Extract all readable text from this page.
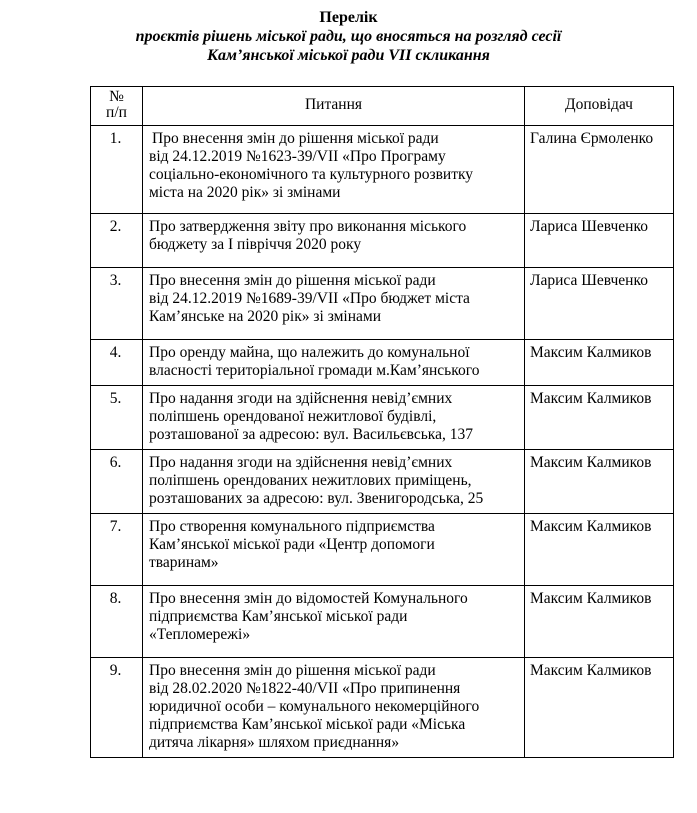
Перелік
проєктів рішень міської ради, що вносяться на розгляд сесії
Кам’янської міської ради VII скликання
№
п/п	Питання	Доповідач
1.	Про внесення змін до рішення міської ради
від 24.12.2019 №1623-39/VII «Про Програму
соціально-економічного та культурного розвитку
міста на 2020 рік» зі змінами	Галина Єрмоленко
2.	Про затвердження звіту про виконання міського
бюджету за І півріччя 2020 року	Лариса Шевченко
3.	Про внесення змін до рішення міської ради
від 24.12.2019 №1689-39/VII «Про бюджет міста
Кам’янське на 2020 рік» зі змінами	Лариса Шевченко
4.	Про оренду майна, що належить до комунальної
власності територіальної громади м.Кам’янського	Максим Калмиков
5.	Про надання згоди на здійснення невід’ємних
поліпшень орендованої нежитлової будівлі,
розташованої за адресою: вул. Васильєвська, 137	Максим Калмиков
6.	Про надання згоди на здійснення невід’ємних
поліпшень орендованих нежитлових приміщень,
розташованих за адресою: вул. Звенигородська, 25	Максим Калмиков
7.	Про створення комунального підприємства
Кам’янської міської ради «Центр допомоги
тваринам»	Максим Калмиков
8.	Про внесення змін до відомостей Комунального
підприємства Кам’янської міської ради
«Тепломережі»	Максим Калмиков
9.	Про внесення змін до рішення міської ради
від 28.02.2020 №1822-40/VII «Про припинення
юридичної особи – комунального некомерційного
підприємства Кам’янської міської ради «Міська
дитяча лікарня» шляхом приєднання»	Максим Калмиков
